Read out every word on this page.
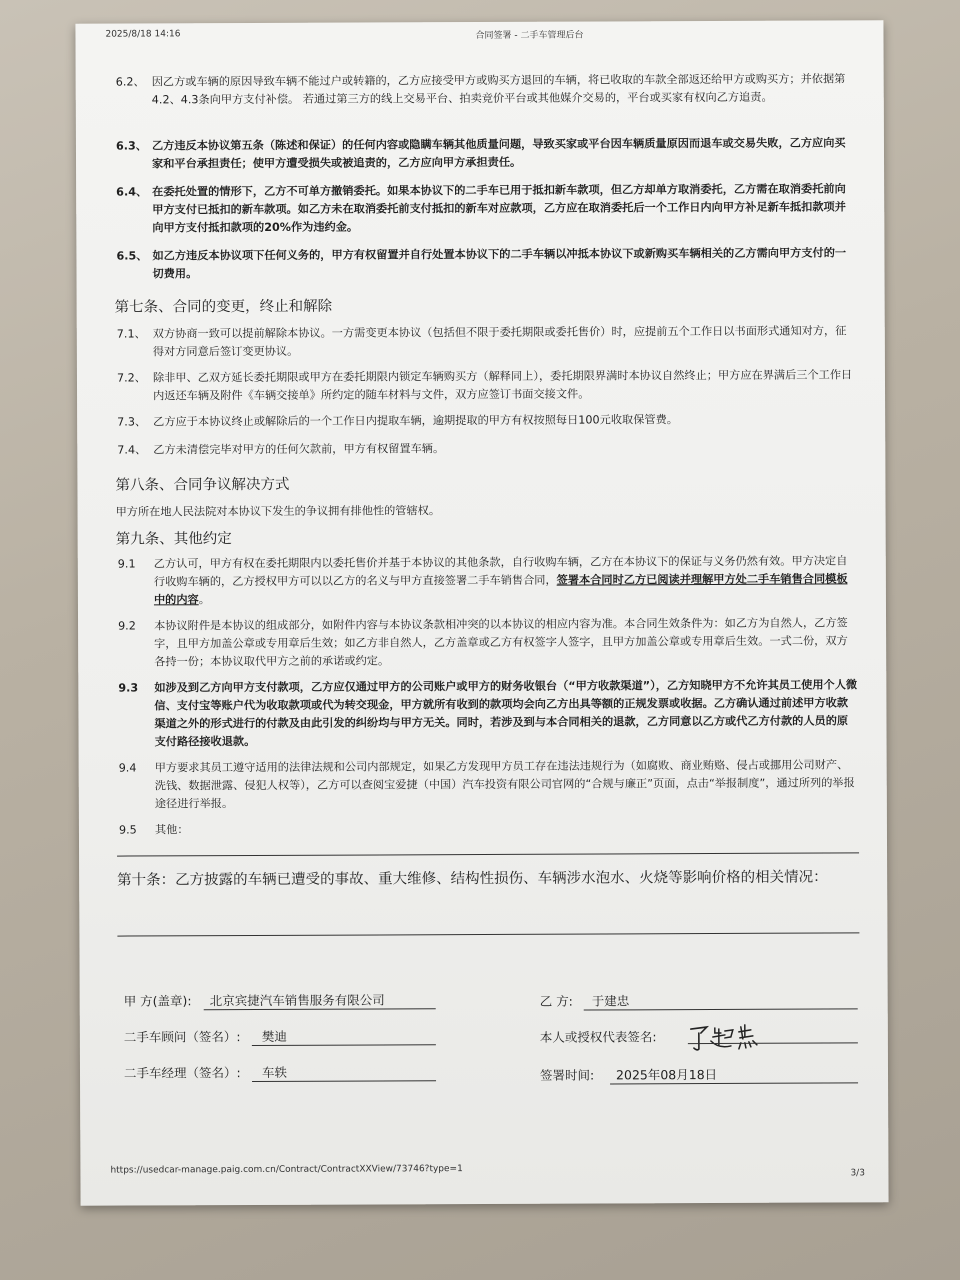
2025/8/18 14:16	合同签署 - 二手车管理后台
6.2、 因乙方或车辆的原因导致车辆不能过户或转籍的，乙方应接受甲方或购买方退回的车辆，将已收取的车款全部返还给甲方或购买方；并依据第4.2、4.3条向甲方支付补偿。 若通过第三方的线上交易平台、拍卖竞价平台或其他媒介交易的，平台或买家有权向乙方追责。
6.3、 乙方违反本协议第五条（陈述和保证）的任何内容或隐瞒车辆其他质量问题，导致买家或平台因车辆质量原因而退车或交易失败，乙方应向买家和平台承担责任；使甲方遭受损失或被追责的，乙方应向甲方承担责任。
6.4、 在委托处置的情形下，乙方不可单方撤销委托。如果本协议下的二手车已用于抵扣新车款项，但乙方却单方取消委托，乙方需在取消委托前向甲方支付已抵扣的新车款项。如乙方未在取消委托前支付抵扣的新车对应款项，乙方应在取消委托后一个工作日内向甲方补足新车抵扣款项并向甲方支付抵扣款项的20%作为违约金。
6.5、 如乙方违反本协议项下任何义务的，甲方有权留置并自行处置本协议下的二手车辆以冲抵本协议下或新购买车辆相关的乙方需向甲方支付的一切费用。
第七条、合同的变更，终止和解除
7.1、 双方协商一致可以提前解除本协议。一方需变更本协议（包括但不限于委托期限或委托售价）时，应提前五个工作日以书面形式通知对方，征得对方同意后签订变更协议。
7.2、 除非甲、乙双方延长委托期限或甲方在委托期限内锁定车辆购买方（解释同上），委托期限界满时本协议自然终止；甲方应在界满后三个工作日内返还车辆及附件《车辆交接单》所约定的随车材料与文件，双方应签订书面交接文件。
7.3、 乙方应于本协议终止或解除后的一个工作日内提取车辆，逾期提取的甲方有权按照每日100元收取保管费。
7.4、 乙方未清偿完毕对甲方的任何欠款前，甲方有权留置车辆。
第八条、合同争议解决方式
甲方所在地人民法院对本协议下发生的争议拥有排他性的管辖权。
第九条、其他约定
9.1	乙方认可，甲方有权在委托期限内以委托售价并基于本协议的其他条款，自行收购车辆，乙方在本协议下的保证与义务仍然有效。甲方决定自行收购车辆的，乙方授权甲方可以以乙方的名义与甲方直接签署二手车销售合同，签署本合同时乙方已阅读并理解甲方处二手车销售合同模板中的内容。
9.2	本协议附件是本协议的组成部分，如附件内容与本协议条款相冲突的以本协议的相应内容为准。本合同生效条件为：如乙方为自然人，乙方签字，且甲方加盖公章或专用章后生效；如乙方非自然人，乙方盖章或乙方有权签字人签字，且甲方加盖公章或专用章后生效。一式二份，双方各持一份；本协议取代甲方之前的承诺或约定。
9.3	如涉及到乙方向甲方支付款项，乙方应仅通过甲方的公司账户或甲方的财务收银台（“甲方收款渠道”），乙方知晓甲方不允许其员工使用个人微信、支付宝等账户代为收取款项或代为转交现金，甲方就所有收到的款项均会向乙方出具等额的正规发票或收据。乙方确认通过前述甲方收款渠道之外的形式进行的付款及由此引发的纠纷均与甲方无关。同时，若涉及到与本合同相关的退款，乙方同意以乙方或代乙方付款的人员的原支付路径接收退款。
9.4	甲方要求其员工遵守适用的法律法规和公司内部规定，如果乙方发现甲方员工存在违法违规行为（如腐败、商业贿赂、侵占或挪用公司财产、洗钱、数据泄露、侵犯人权等），乙方可以查阅宝爱捷（中国）汽车投资有限公司官网的“合规与廉正”页面，点击“举报制度”，通过所列的举报途径进行举报。
9.5	其他：
第十条：乙方披露的车辆已遭受的事故、重大维修、结构性损伤、车辆涉水泡水、火烧等影响价格的相关情况：
甲 方(盖章): 北京宾捷汽车销售服务有限公司
二手车顾问（签名）: 樊迪
二手车经理（签名）: 车轶
乙 方: 于建忠
本人或授权代表签名:
签署时间: 2025年08月18日
https://usedcar-manage.paig.com.cn/Contract/ContractXXView/73746?type=1	3/3
